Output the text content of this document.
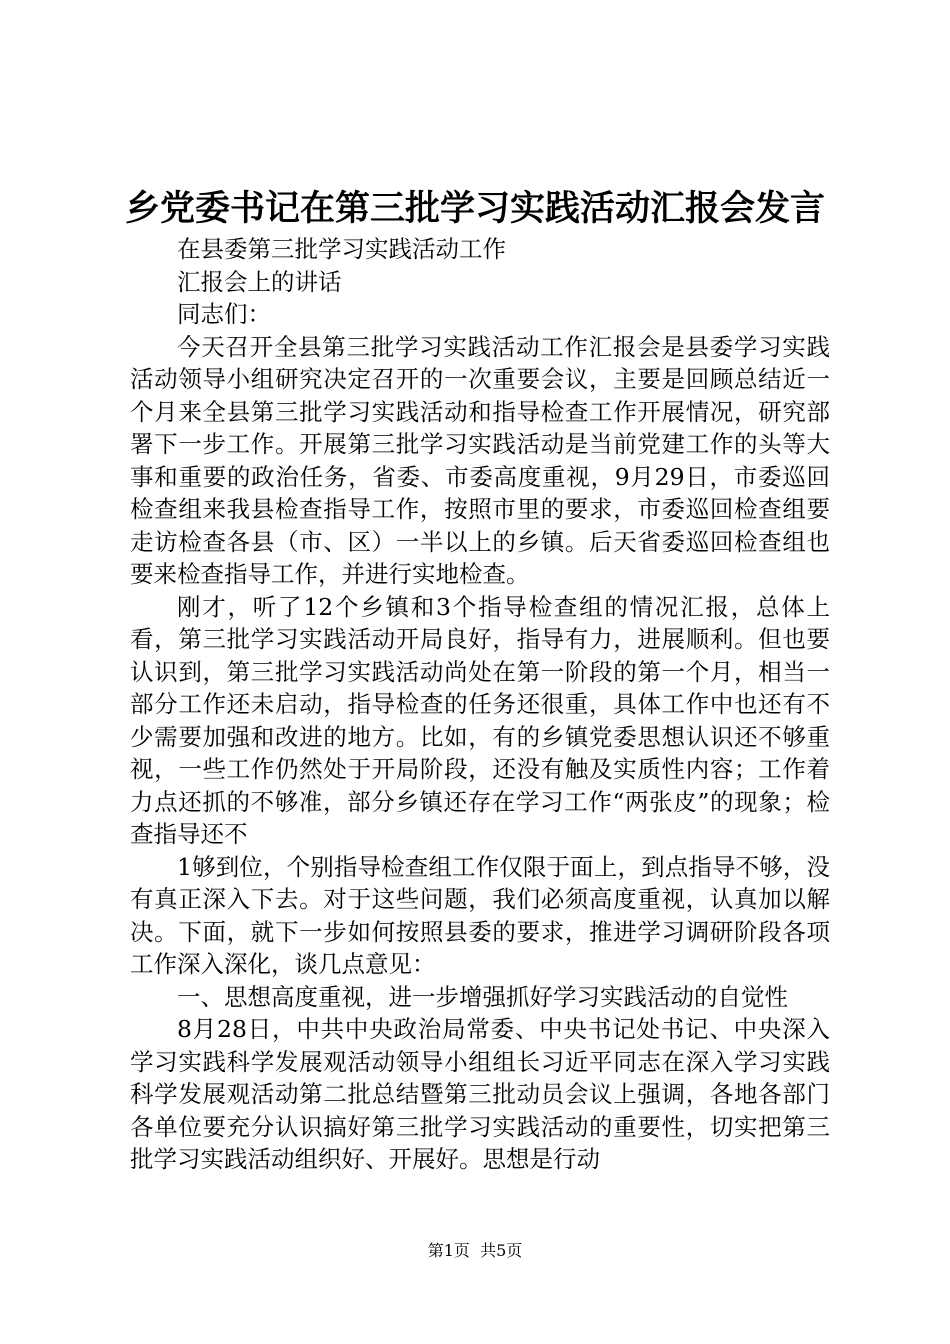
乡党委书记在第三批学习实践活动汇报会发言

在县委第三批学习实践活动工作

汇报会上的讲话

同志们：

今天召开全县第三批学习实践活动工作汇报会是县委学习实践活动领导小组研究决定召开的一次重要会议，主要是回顾总结近一个月来全县第三批学习实践活动和指导检查工作开展情况，研究部署下一步工作。开展第三批学习实践活动是当前党建工作的头等大事和重要的政治任务，省委、市委高度重视，9月29日，市委巡回检查组来我县检查指导工作，按照市里的要求，市委巡回检查组要走访检查各县（市、区）一半以上的乡镇。后天省委巡回检查组也要来检查指导工作，并进行实地检查。

刚才，听了12个乡镇和3个指导检查组的情况汇报，总体上看，第三批学习实践活动开局良好，指导有力，进展顺利。但也要认识到，第三批学习实践活动尚处在第一阶段的第一个月，相当一部分工作还未启动，指导检查的任务还很重，具体工作中也还有不少需要加强和改进的地方。比如，有的乡镇党委思想认识还不够重视，一些工作仍然处于开局阶段，还没有触及实质性内容；工作着力点还抓的不够准，部分乡镇还存在学习工作“两张皮”的现象；检查指导还不

1够到位，个别指导检查组工作仅限于面上，到点指导不够，没有真正深入下去。对于这些问题，我们必须高度重视，认真加以解决。下面，就下一步如何按照县委的要求，推进学习调研阶段各项工作深入深化，谈几点意见：

一、思想高度重视，进一步增强抓好学习实践活动的自觉性

8月28日，中共中央政治局常委、中央书记处书记、中央深入学习实践科学发展观活动领导小组组长习近平同志在深入学习实践科学发展观活动第二批总结暨第三批动员会议上强调，各地各部门各单位要充分认识搞好第三批学习实践活动的重要性，切实把第三批学习实践活动组织好、开展好。思想是行动

第1页 共5页
